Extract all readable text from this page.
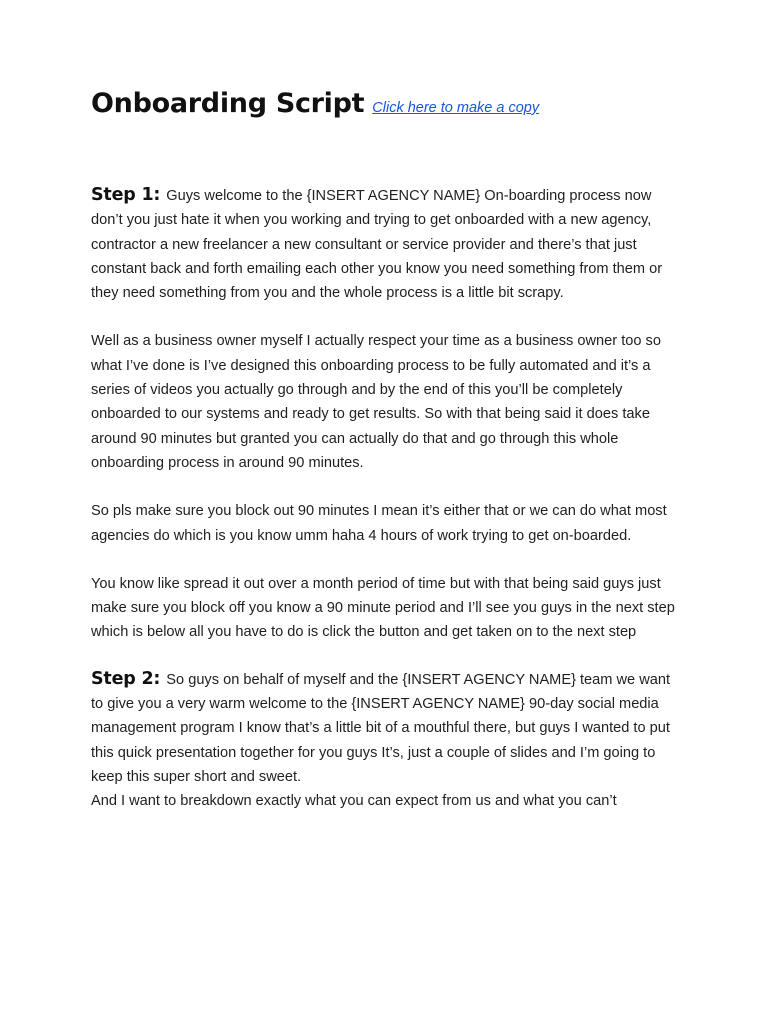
Onboarding Script Click here to make a copy

Step 1: Guys welcome to the {INSERT AGENCY NAME} On-boarding process now don’t you just hate it when you working and trying to get onboarded with a new agency, contractor a new freelancer a new consultant or service provider and there’s that just constant back and forth emailing each other you know you need something from them or they need something from you and the whole process is a little bit scrapy.

Well as a business owner myself I actually respect your time as a business owner too so what I’ve done is I’ve designed this onboarding process to be fully automated and it’s a series of videos you actually go through and by the end of this you’ll be completely onboarded to our systems and ready to get results. So with that being said it does take around 90 minutes but granted you can actually do that and go through this whole onboarding process in around 90 minutes.

So pls make sure you block out 90 minutes I mean it’s either that or we can do what most agencies do which is you know umm haha 4 hours of work trying to get on-boarded.

You know like spread it out over a month period of time but with that being said guys just make sure you block off you know a 90 minute period and I’ll see you guys in the next step which is below all you have to do is click the button and get taken on to the next step

Step 2: So guys on behalf of myself and the {INSERT AGENCY NAME} team we want to give you a very warm welcome to the {INSERT AGENCY NAME} 90-day social media management program I know that’s a little bit of a mouthful there, but guys I wanted to put this quick presentation together for you guys It’s, just a couple of slides and I’m going to keep this super short and sweet.

And I want to breakdown exactly what you can expect from us and what you can’t
